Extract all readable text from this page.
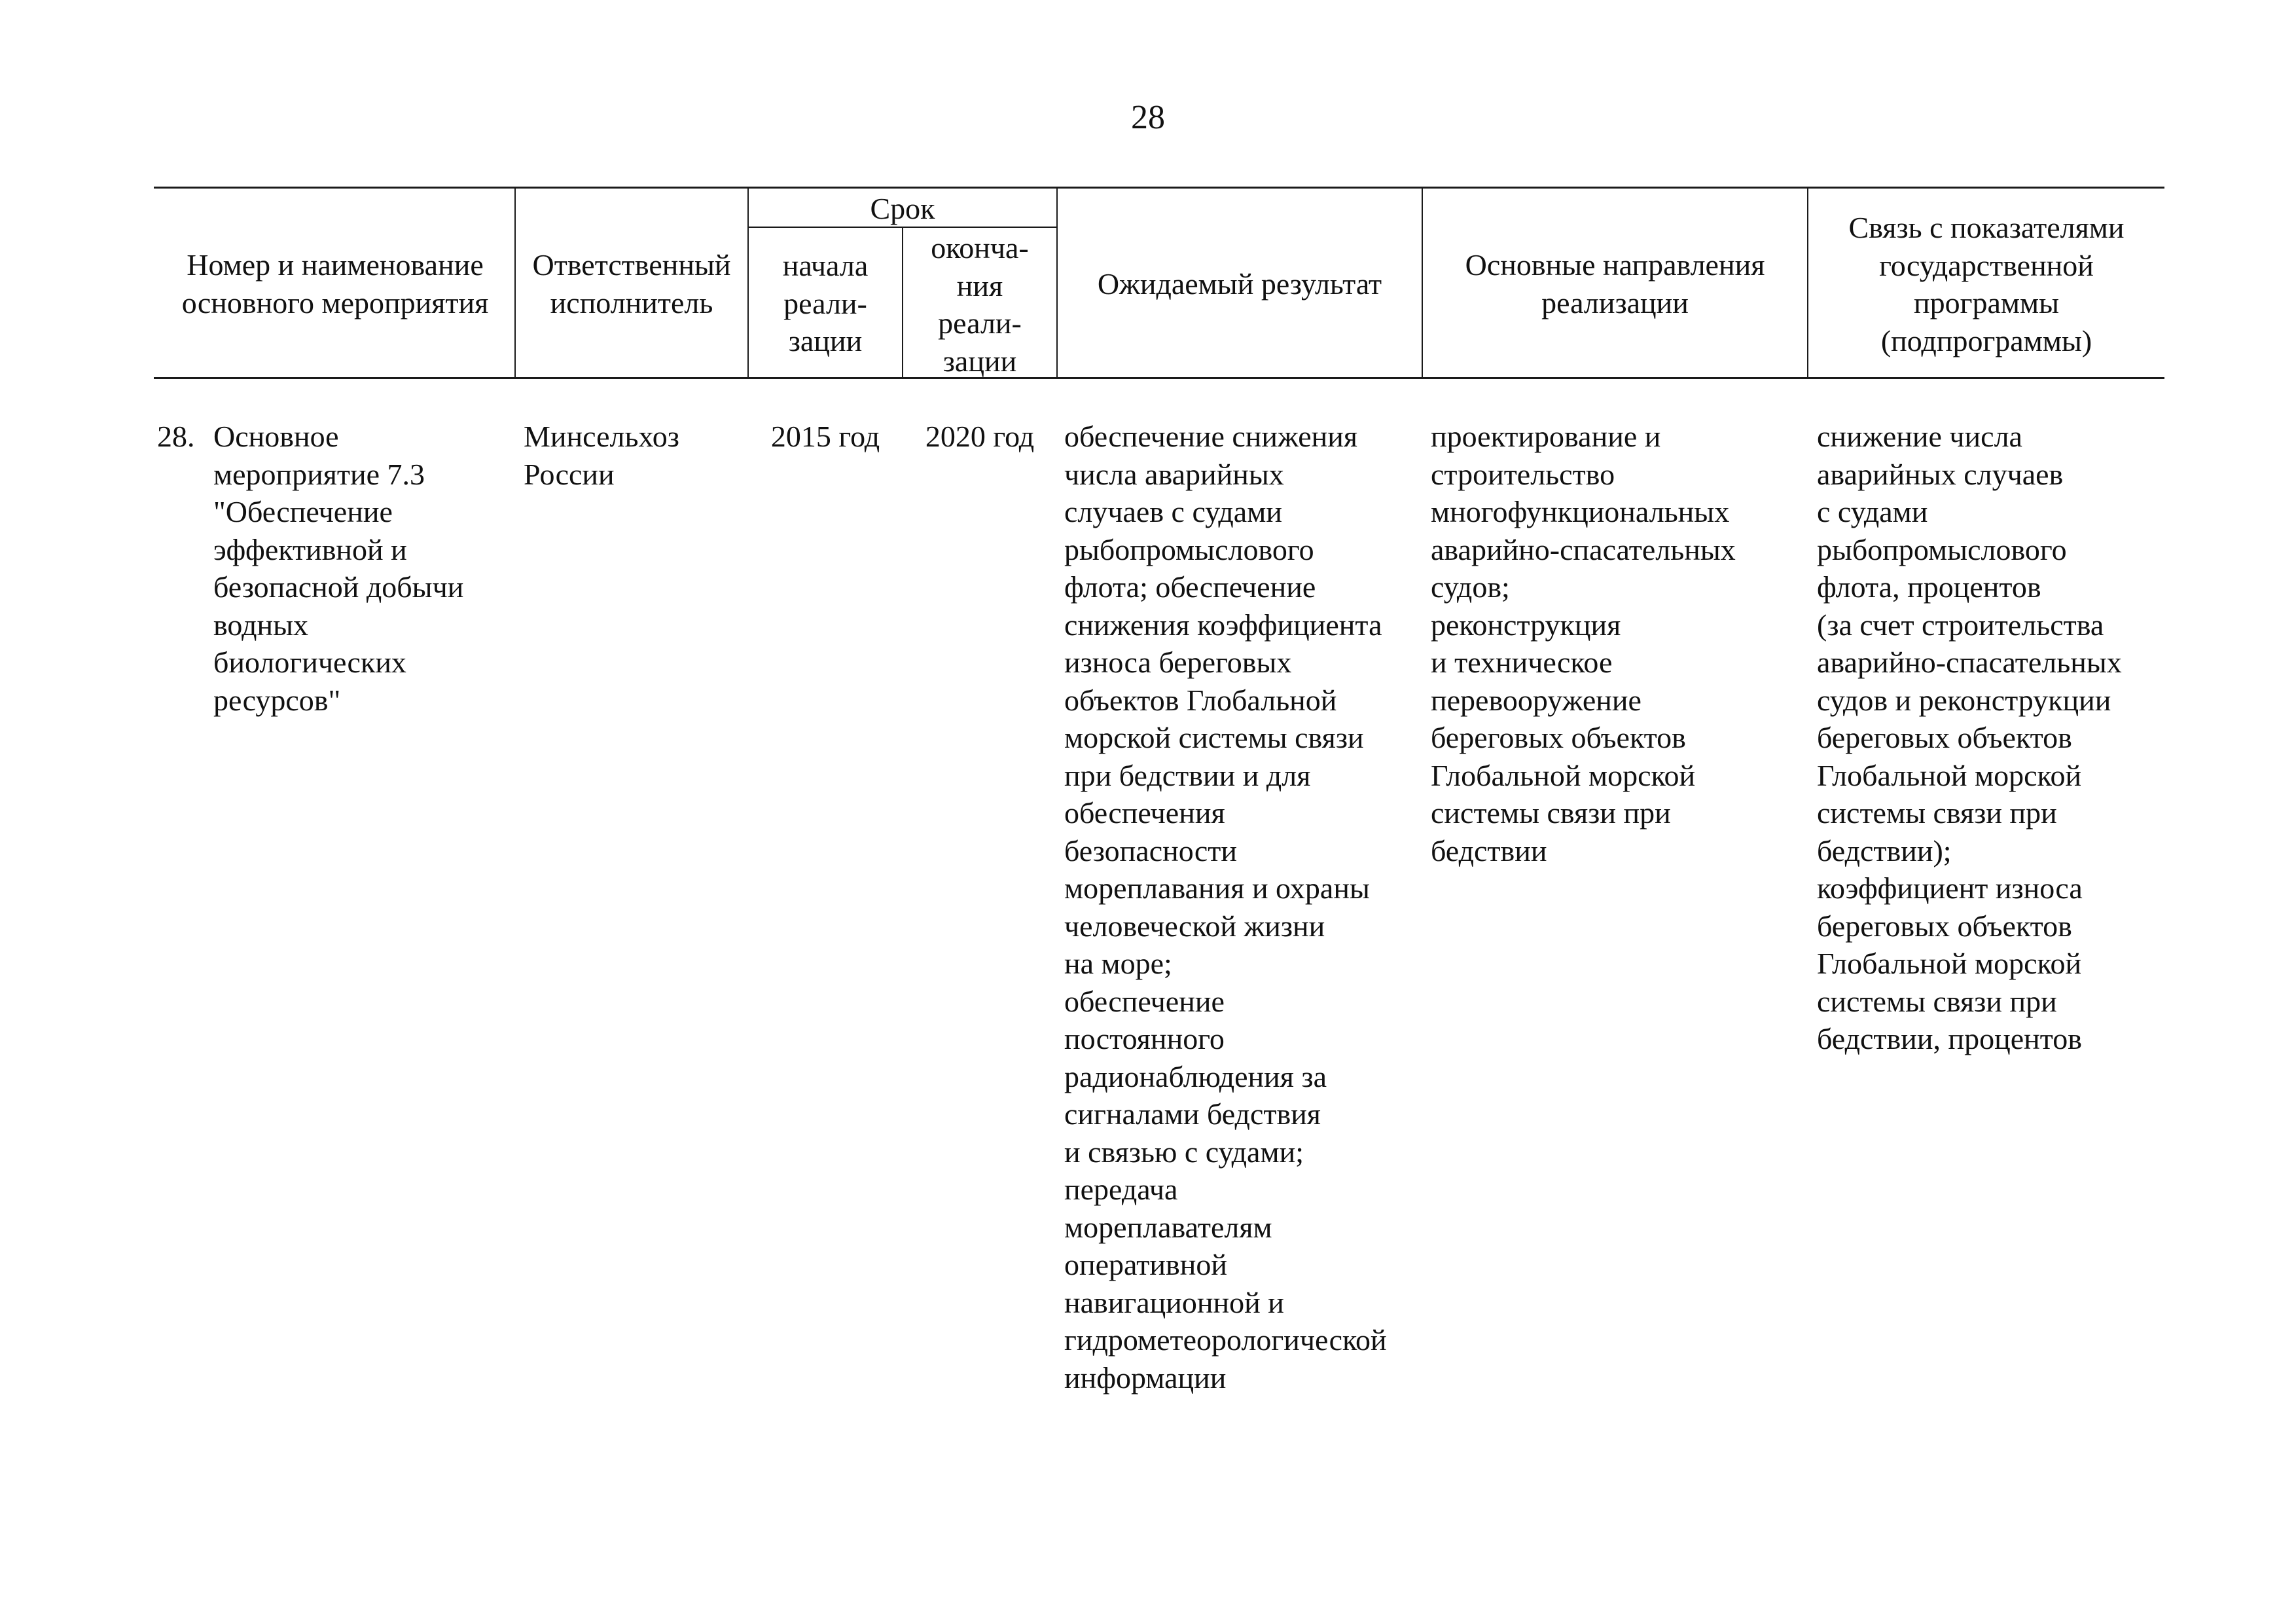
28
Номер и наименование
основного мероприятия
Ответственный
исполнитель
Срок
начала
реали-
зации
оконча-
ния
реали-
зации
Ожидаемый результат
Основные направления
реализации
Связь с показателями
государственной
программы
(подпрограммы)
28. Основное
мероприятие 7.3
"Обеспечение
эффективной и
безопасной добычи
водных
биологических
ресурсов"
Минсельхоз
России
2015 год	2020 год обеспечение снижения
числа аварийных
случаев с судами
рыбопромыслового
флота; обеспечение
снижения коэффициента
износа береговых
объектов Глобальной
морской системы связи
при бедствии и для
обеспечения
безопасности
мореплавания и охраны
человеческой жизни
на море;
обеспечение
постоянного
радионаблюдения за
сигналами бедствия
и связью с судами;
передача
мореплавателям
оперативной
навигационной и
гидрометеорологической
информации
проектирование и
строительство
многофункциональных
аварийно-спасательных
судов;
реконструкция
и техническое
перевооружение
береговых объектов
Глобальной морской
системы связи при
бедствии
снижение числа
аварийных случаев
с судами
рыбопромыслового
флота, процентов
(за счет строительства
аварийно-спасательных
судов и реконструкции
береговых объектов
Глобальной морской
системы связи при
бедствии);
коэффициент износа
береговых объектов
Глобальной морской
системы связи при
бедствии, процентов
